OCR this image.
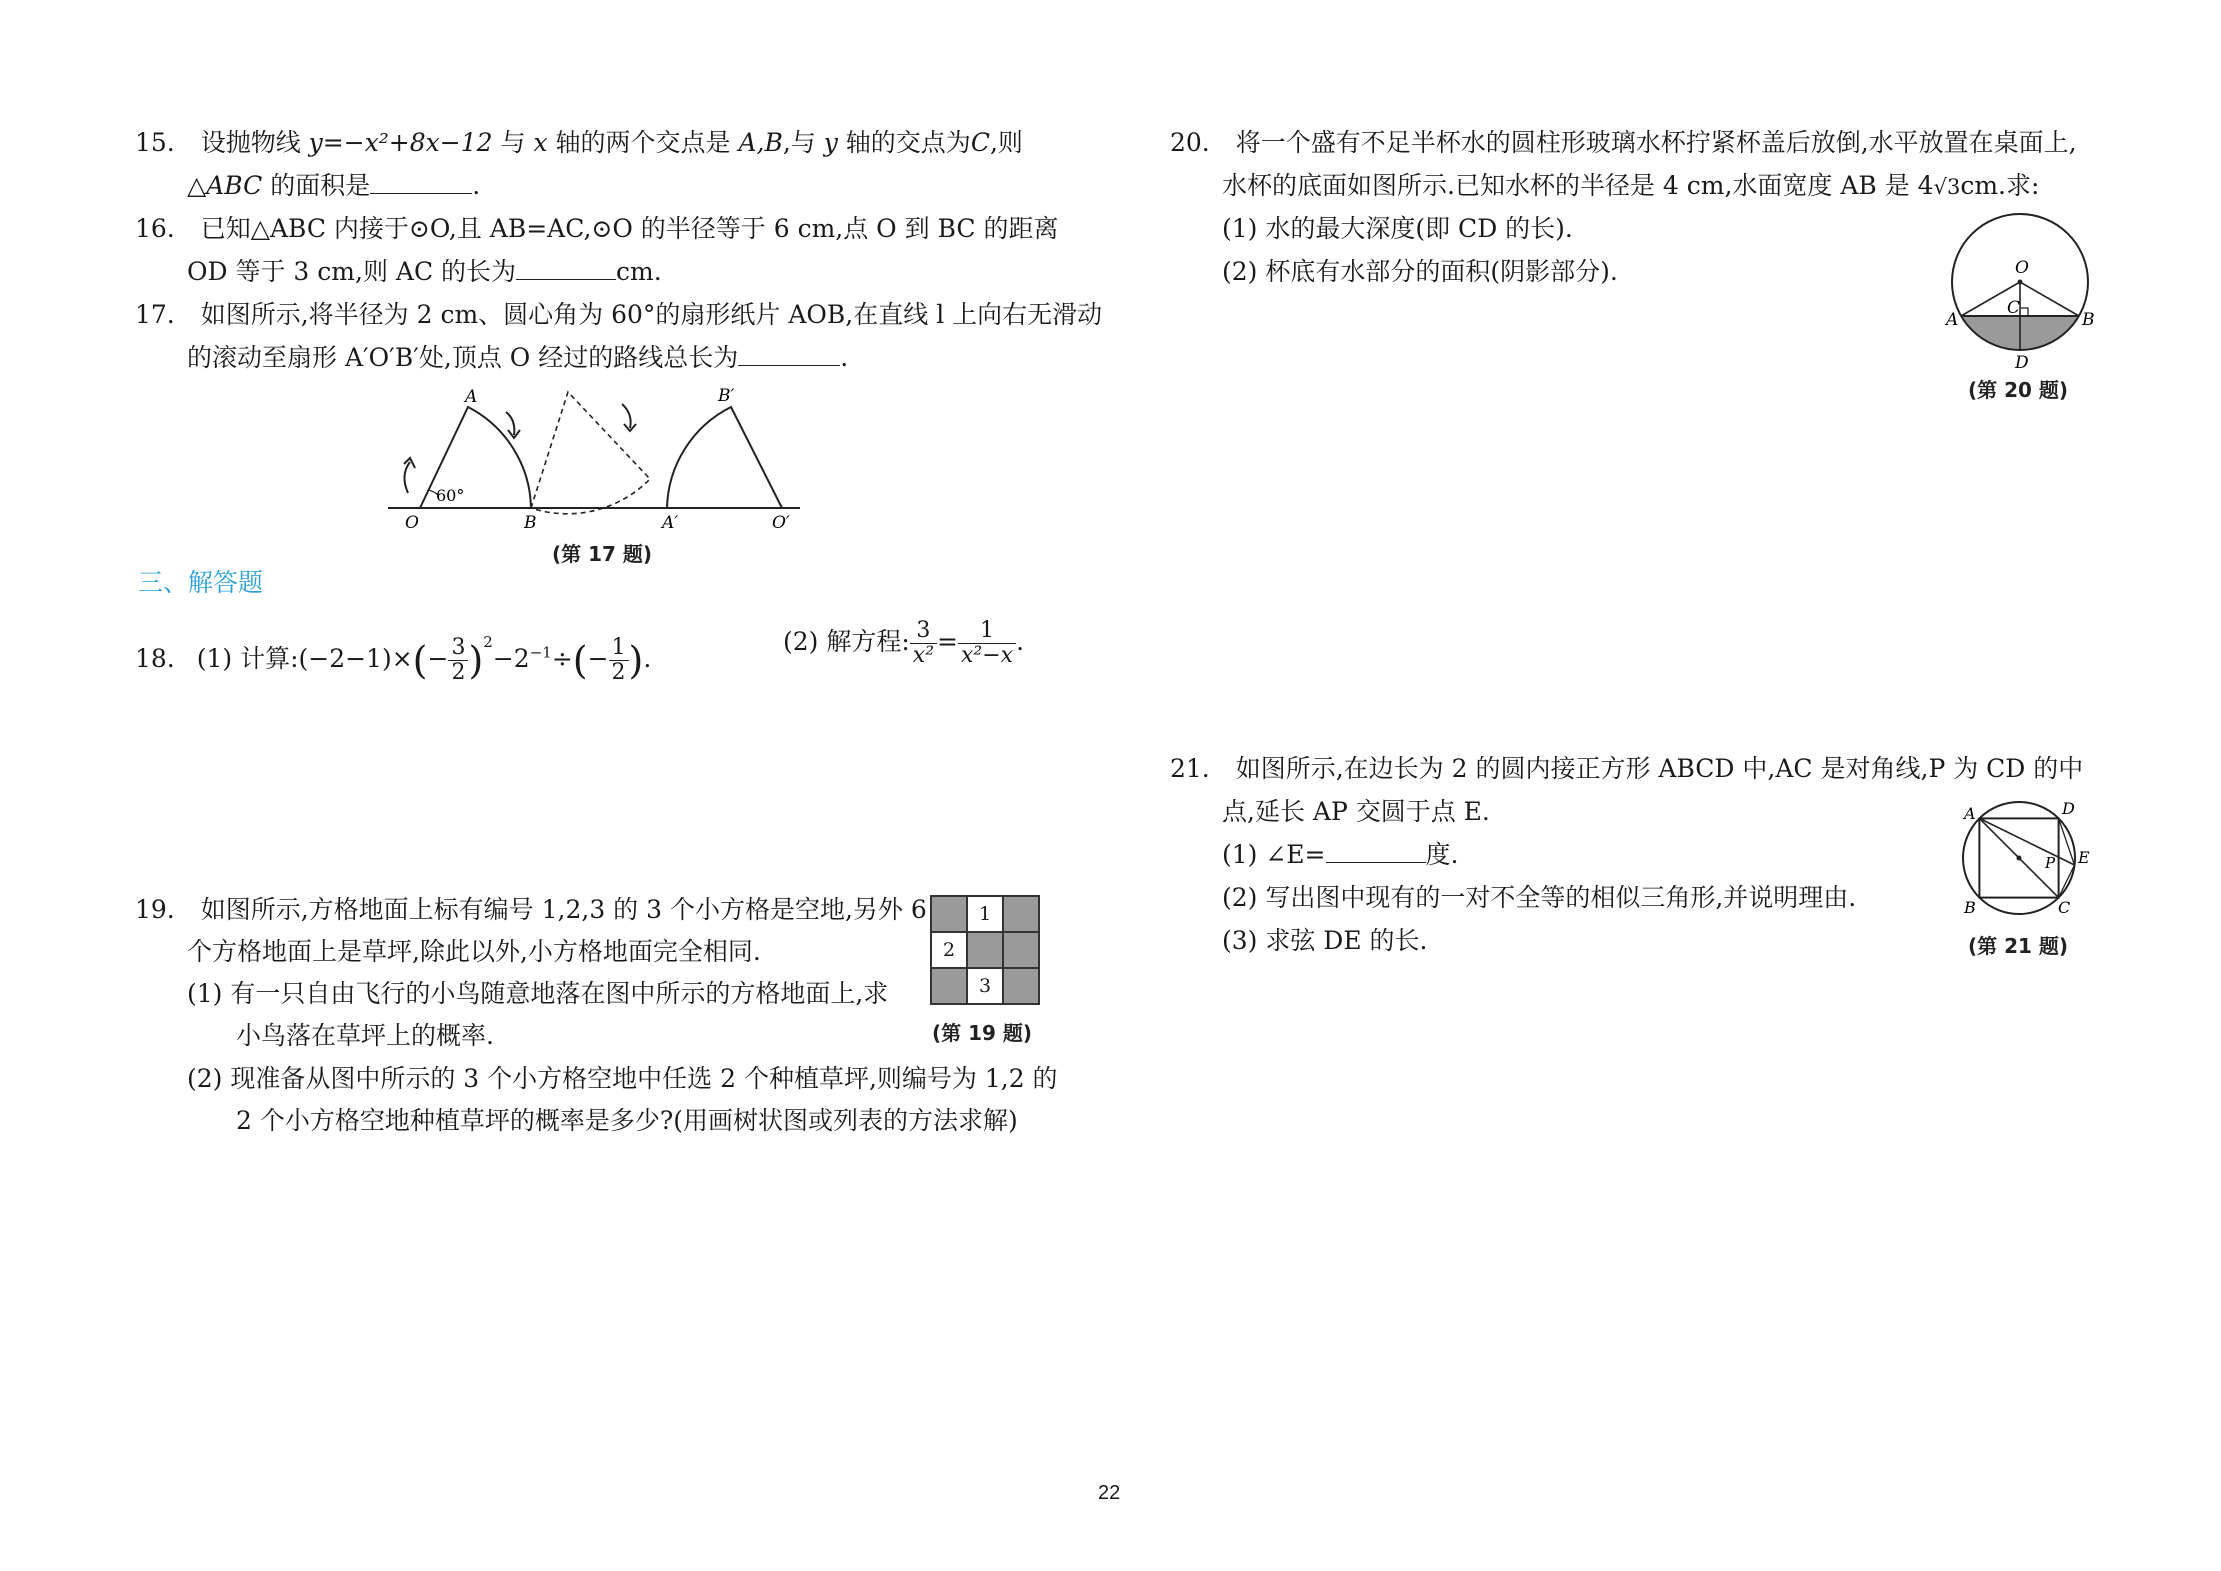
15. 设抛物线 y=−x²+8x−12 与 x 轴的两个交点是 A,B,与 y 轴的交点为C,则
△ABC 的面积是	.
16. 已知△ABC 内接于⊙O,且 AB=AC,⊙O 的半径等于 6 cm,点 O 到 BC 的距离
OD 等于 3 cm,则 AC 的长为	cm.
17. 如图所示,将半径为 2 cm、圆心角为 60°的扇形纸片 AOB,在直线 l 上向右无滑动
的滚动至扇形 A′O′B′处,顶点 O 经过的路线总长为	.
A
B
O
60°
A′
B′
O′
(第 17 题)
三、解答题
18. (1) 计算:(−2−1)×(− $\frac{3}{2} )^2-2^{-1}\div(- \frac{1}{2}$ ).
(2) 解方程: $\frac{3}{\text{x²}} = \frac{1}{\text{x²−x}}$ .
19. 如图所示,方格地面上标有编号 1,2,3 的 3 个小方格是空地,另外 6
个方格地面上是草坪,除此以外,小方格地面完全相同.
(1) 有一只自由飞行的小鸟随意地落在图中所示的方格地面上,求
小鸟落在草坪上的概率.
(2) 现准备从图中所示的 3 个小方格空地中任选 2 个种植草坪,则编号为 1,2 的
2 个小方格空地种植草坪的概率是多少?(用画树状图或列表的方法求解)
1
2
3
(第 19 题)
20. 将一个盛有不足半杯水的圆柱形玻璃水杯拧紧杯盖后放倒,水平放置在桌面上,
水杯的底面如图所示.已知水杯的半径是 4 cm,水面宽度 AB 是 4√3cm.求:
(1) 水的最大深度(即 CD 的长).
(2) 杯底有水部分的面积(阴影部分).	O
C
A	B
D
(第 20 题)
21. 如图所示,在边长为 2 的圆内接正方形 ABCD 中,AC 是对角线,P 为 CD 的中
点,延长 AP 交圆于点 E.
(1) ∠E=	度.
(2) 写出图中现有的一对不全等的相似三角形,并说明理由.
(3) 求弦 DE 的长.
A	D
E
P
B	C
(第 21 题)
22
